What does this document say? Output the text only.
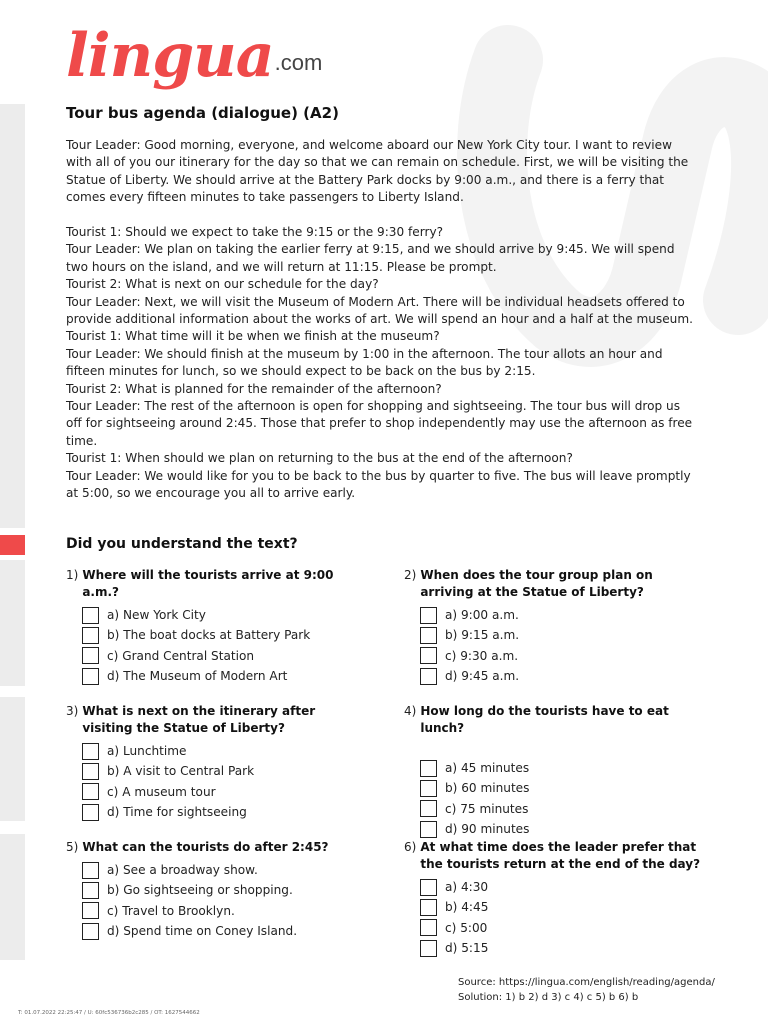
lingua .com
Tour bus agenda (dialogue) (A2)

Tour Leader: Good morning, everyone, and welcome aboard our New York City tour. I want to review with all of you our itinerary for the day so that we can remain on schedule. First, we will be visiting the Statue of Liberty. We should arrive at the Battery Park docks by 9:00 a.m., and there is a ferry that comes every fifteen minutes to take passengers to Liberty Island.

Tourist 1: Should we expect to take the 9:15 or the 9:30 ferry?

Tour Leader: We plan on taking the earlier ferry at 9:15, and we should arrive by 9:45. We will spend two hours on the island, and we will return at 11:15. Please be prompt.

Tourist 2: What is next on our schedule for the day?

Tour Leader: Next, we will visit the Museum of Modern Art. There will be individual headsets offered to provide additional information about the works of art. We will spend an hour and a half at the museum.

Tourist 1: What time will it be when we finish at the museum?

Tour Leader: We should finish at the museum by 1:00 in the afternoon. The tour allots an hour and fifteen minutes for lunch, so we should expect to be back on the bus by 2:15.

Tourist 2: What is planned for the remainder of the afternoon?

Tour Leader: The rest of the afternoon is open for shopping and sightseeing. The tour bus will drop us off for sightseeing around 2:45. Those that prefer to shop independently may use the afternoon as free time.

Tourist 1: When should we plan on returning to the bus at the end of the afternoon?

Tour Leader: We would like for you to be back to the bus by quarter to five. The bus will leave promptly at 5:00, so we encourage you all to arrive early.

Did you understand the text?
1) Where will the tourists arrive at 9:00 a.m.?
a) New York City
b) The boat docks at Battery Park
c) Grand Central Station
d) The Museum of Modern Art
2) When does the tour group plan on arriving at the Statue of Liberty?
a) 9:00 a.m.
b) 9:15 a.m.
c) 9:30 a.m.
d) 9:45 a.m.
3) What is next on the itinerary after visiting the Statue of Liberty?
a) Lunchtime
b) A visit to Central Park
c) A museum tour
d) Time for sightseeing
4) How long do the tourists have to eat lunch?
a) 45 minutes
b) 60 minutes
c) 75 minutes
d) 90 minutes
5) What can the tourists do after 2:45?
a) See a broadway show.
b) Go sightseeing or shopping.
c) Travel to Brooklyn.
d) Spend time on Coney Island.
6) At what time does the leader prefer that the tourists return at the end of the day?
a) 4:30
b) 4:45
c) 5:00
d) 5:15
Source: https://lingua.com/english/reading/agenda/
Solution: 1) b 2) d 3) c 4) c 5) b 6) b
T: 01.07.2022 22:25:47 / U: 60fc536736b2c285 / OT: 1627544662
